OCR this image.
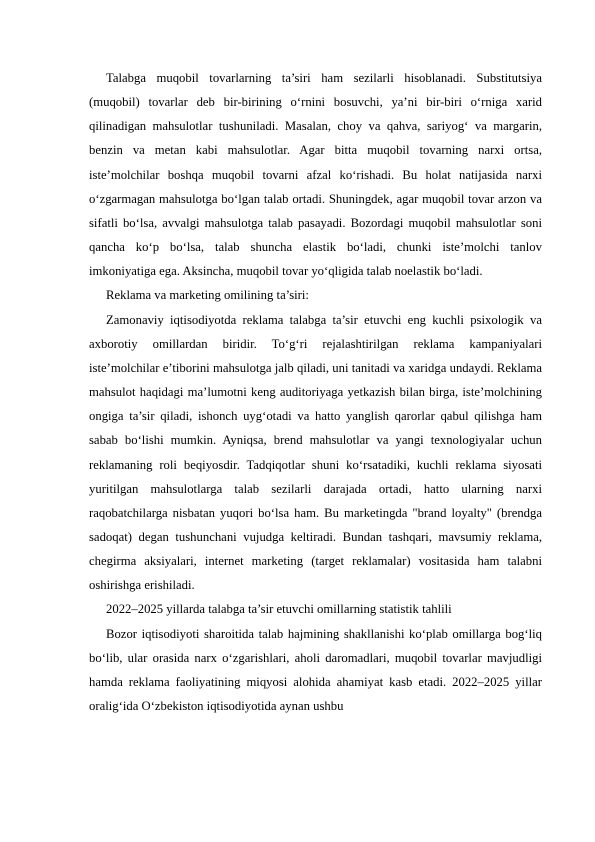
Talabga muqobil tovarlarning ta’siri ham sezilarli hisoblanadi. Substitutsiya (muqobil) tovarlar deb bir-birining o‘rnini bosuvchi, ya’ni bir-biri o‘rniga xarid qilinadigan mahsulotlar tushuniladi. Masalan, choy va qahva, sariyog‘ va margarin, benzin va metan kabi mahsulotlar. Agar bitta muqobil tovarning narxi ortsa, iste’molchilar boshqa muqobil tovarni afzal ko‘rishadi. Bu holat natijasida narxi o‘zgarmagan mahsulotga bo‘lgan talab ortadi. Shuningdek, agar muqobil tovar arzon va sifatli bo‘lsa, avvalgi mahsulotga talab pasayadi. Bozordagi muqobil mahsulotlar soni qancha ko‘p bo‘lsa, talab shuncha elastik bo‘ladi, chunki iste’molchi tanlov imkoniyatiga ega. Aksincha, muqobil tovar yo‘qligida talab noelastik bo‘ladi.

Reklama va marketing omilining ta’siri:

Zamonaviy iqtisodiyotda reklama talabga ta’sir etuvchi eng kuchli psixologik va axborotiy omillardan biridir. To‘g‘ri rejalashtirilgan reklama kampaniyalari iste’molchilar e’tiborini mahsulotga jalb qiladi, uni tanitadi va xaridga undaydi. Reklama mahsulot haqidagi ma’lumotni keng auditoriyaga yetkazish bilan birga, iste’molchining ongiga ta’sir qiladi, ishonch uyg‘otadi va hatto yanglish qarorlar qabul qilishga ham sabab bo‘lishi mumkin. Ayniqsa, brend mahsulotlar va yangi texnologiyalar uchun reklamaning roli beqiyosdir. Tadqiqotlar shuni ko‘rsatadiki, kuchli reklama siyosati yuritilgan mahsulotlarga talab sezilarli darajada ortadi, hatto ularning narxi raqobatchilarga nisbatan yuqori bo‘lsa ham. Bu marketingda "brand loyalty" (brendga sadoqat) degan tushunchani vujudga keltiradi. Bundan tashqari, mavsumiy reklama, chegirma aksiyalari, internet marketing (target reklamalar) vositasida ham talabni oshirishga erishiladi.

2022–2025 yillarda talabga ta’sir etuvchi omillarning statistik tahlili

Bozor iqtisodiyoti sharoitida talab hajmining shakllanishi ko‘plab omillarga bog‘liq bo‘lib, ular orasida narx o‘zgarishlari, aholi daromadlari, muqobil tovarlar mavjudligi hamda reklama faoliyatining miqyosi alohida ahamiyat kasb etadi. 2022–2025 yillar oralig‘ida O‘zbekiston iqtisodiyotida aynan ushbu
